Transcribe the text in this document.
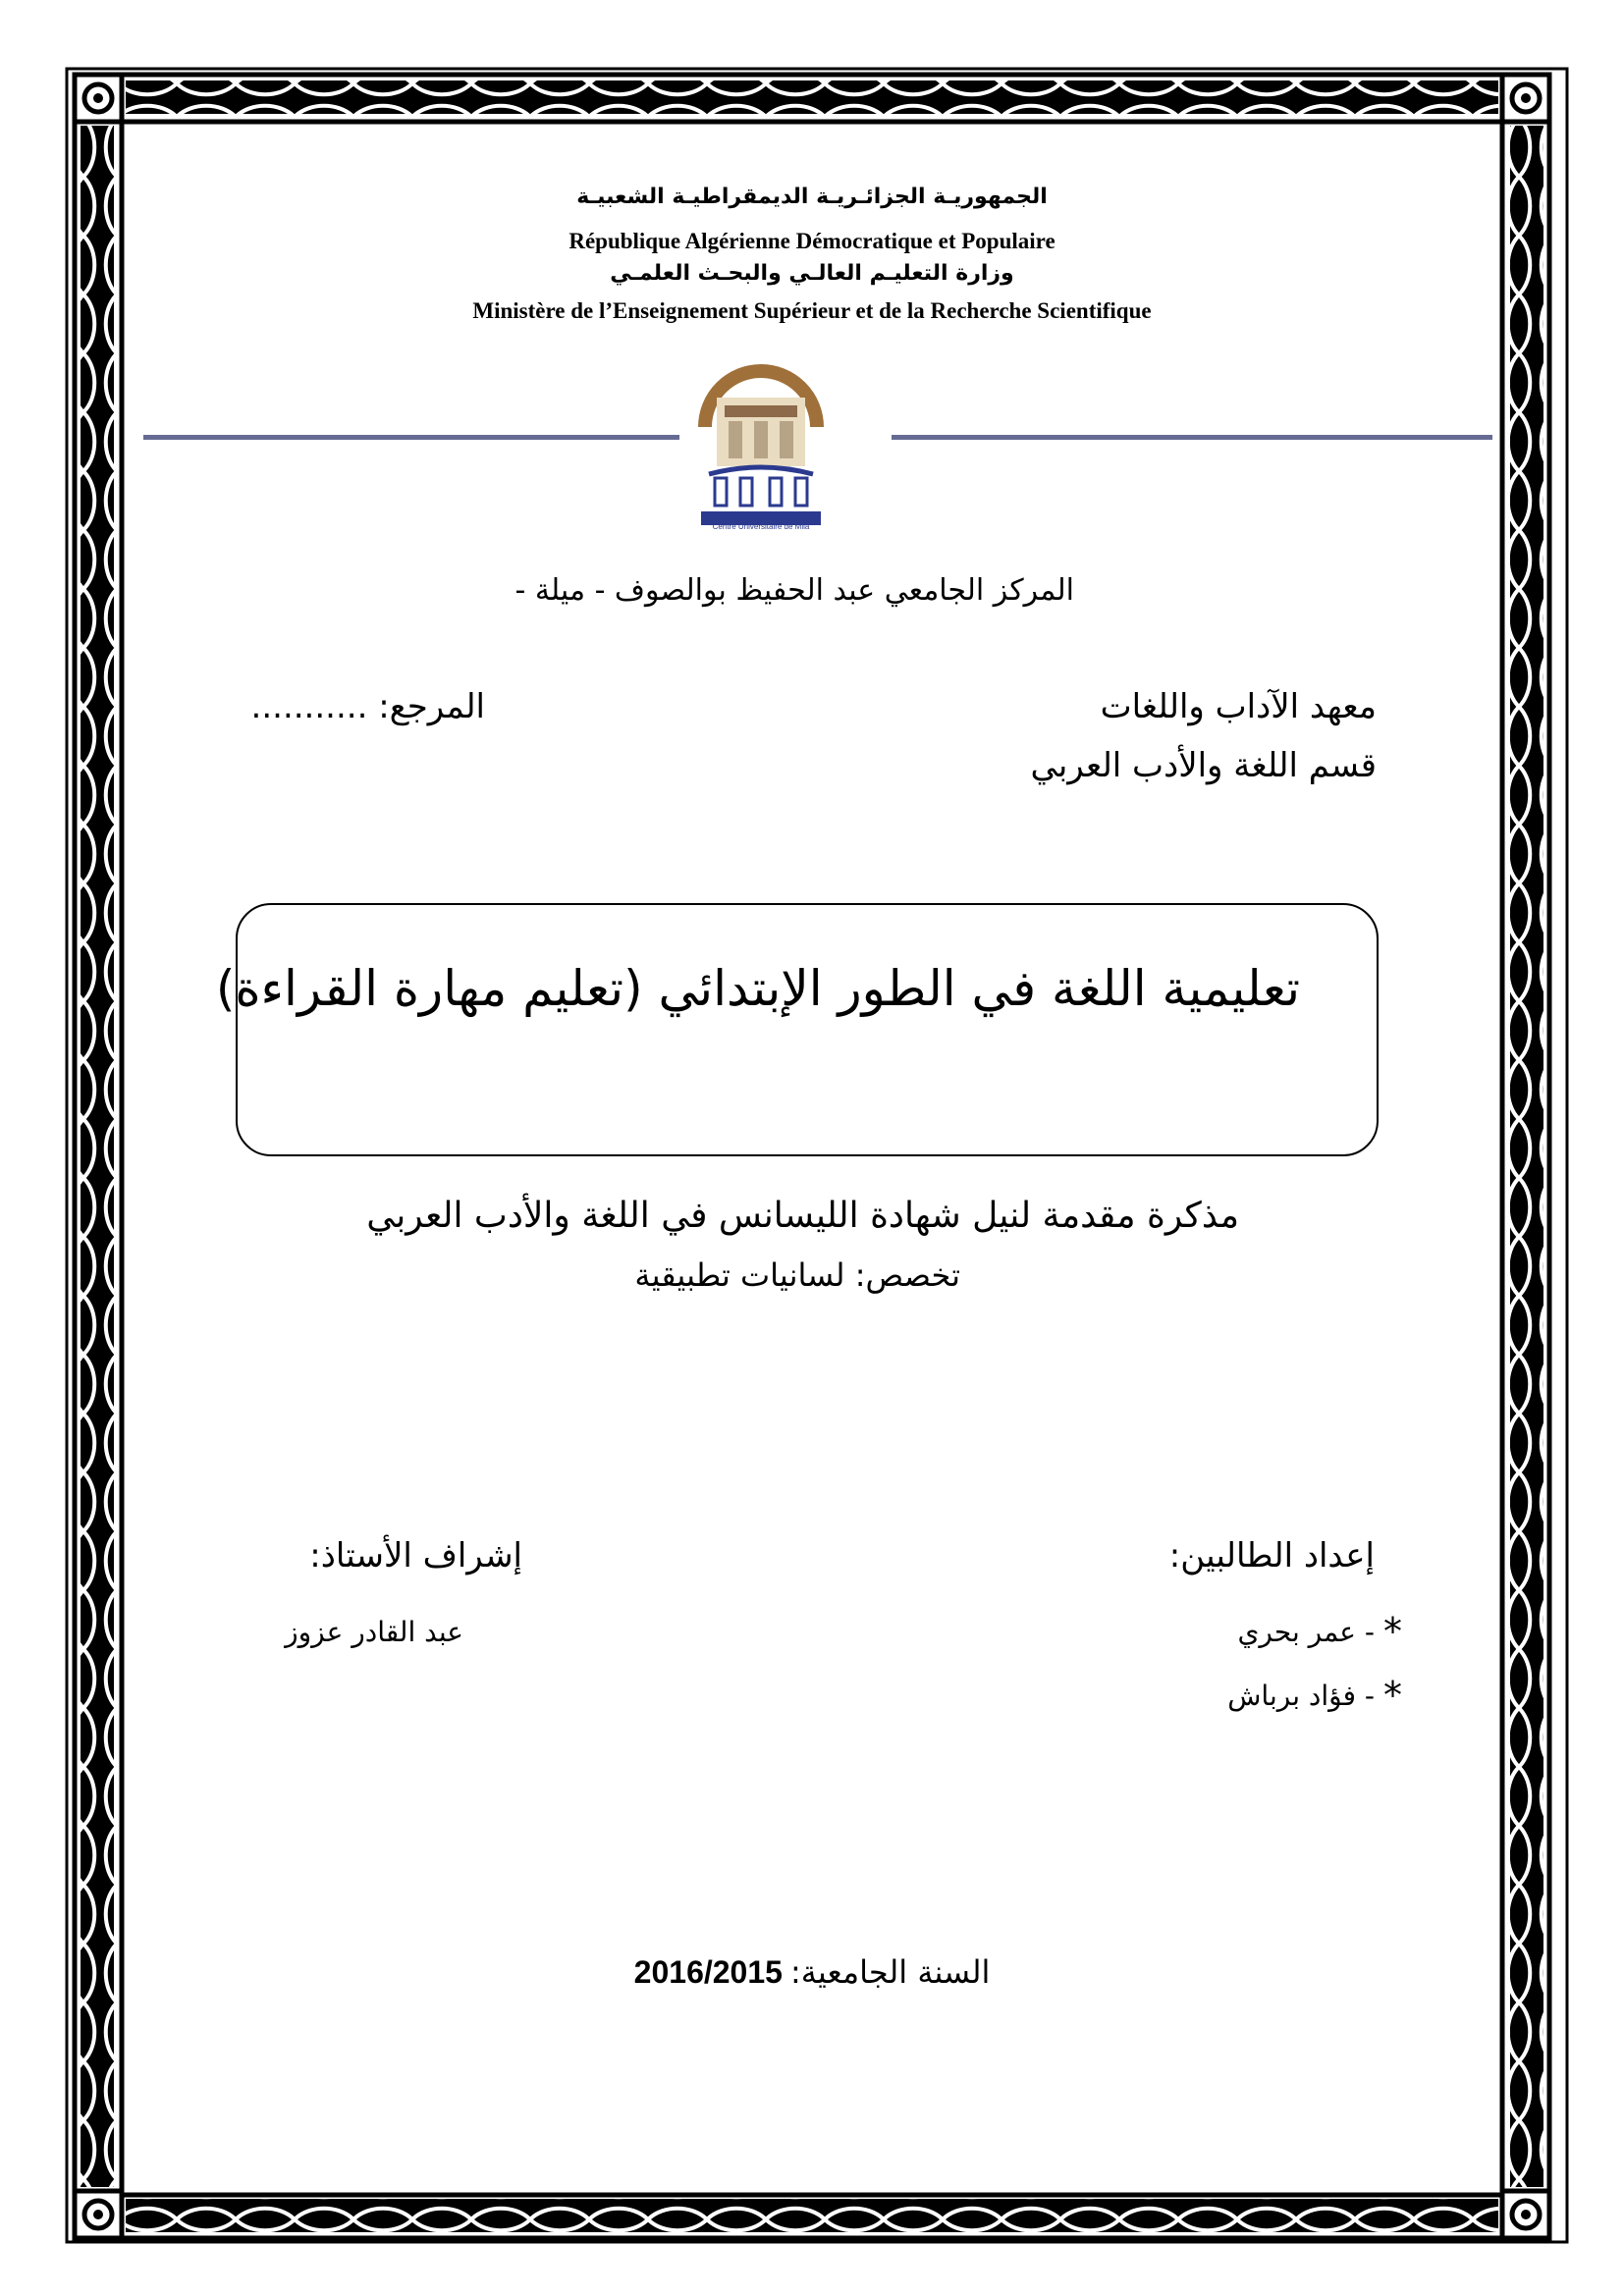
الجمهوريـة الجزائـريـة الديمقراطيـة الشعبيـة
République Algérienne Démocratique et Populaire
وزارة التعليـم العالـي والبحـث العلمـي
Ministère de l’Enseignement Supérieur et de la Recherche Scientifique
Centre Universitaire de Mila
المركز الجامعي عبد الحفيظ بوالصوف - ميلة -
معهد الآداب واللغات
قسم اللغة والأدب العربي
المرجع: ...........
تعليمية اللغة في الطور الإبتدائي (تعليم مهارة القراءة)
مذكرة مقدمة لنيل شهادة الليسانس في اللغة والأدب العربي
تخصص: لسانيات تطبيقية
إعداد الطالبين:
*
- عمر بحري
*
- فؤاد برباش
إشراف الأستاذ:
عبد القادر عزوز
السنة الجامعية: 2016/2015
